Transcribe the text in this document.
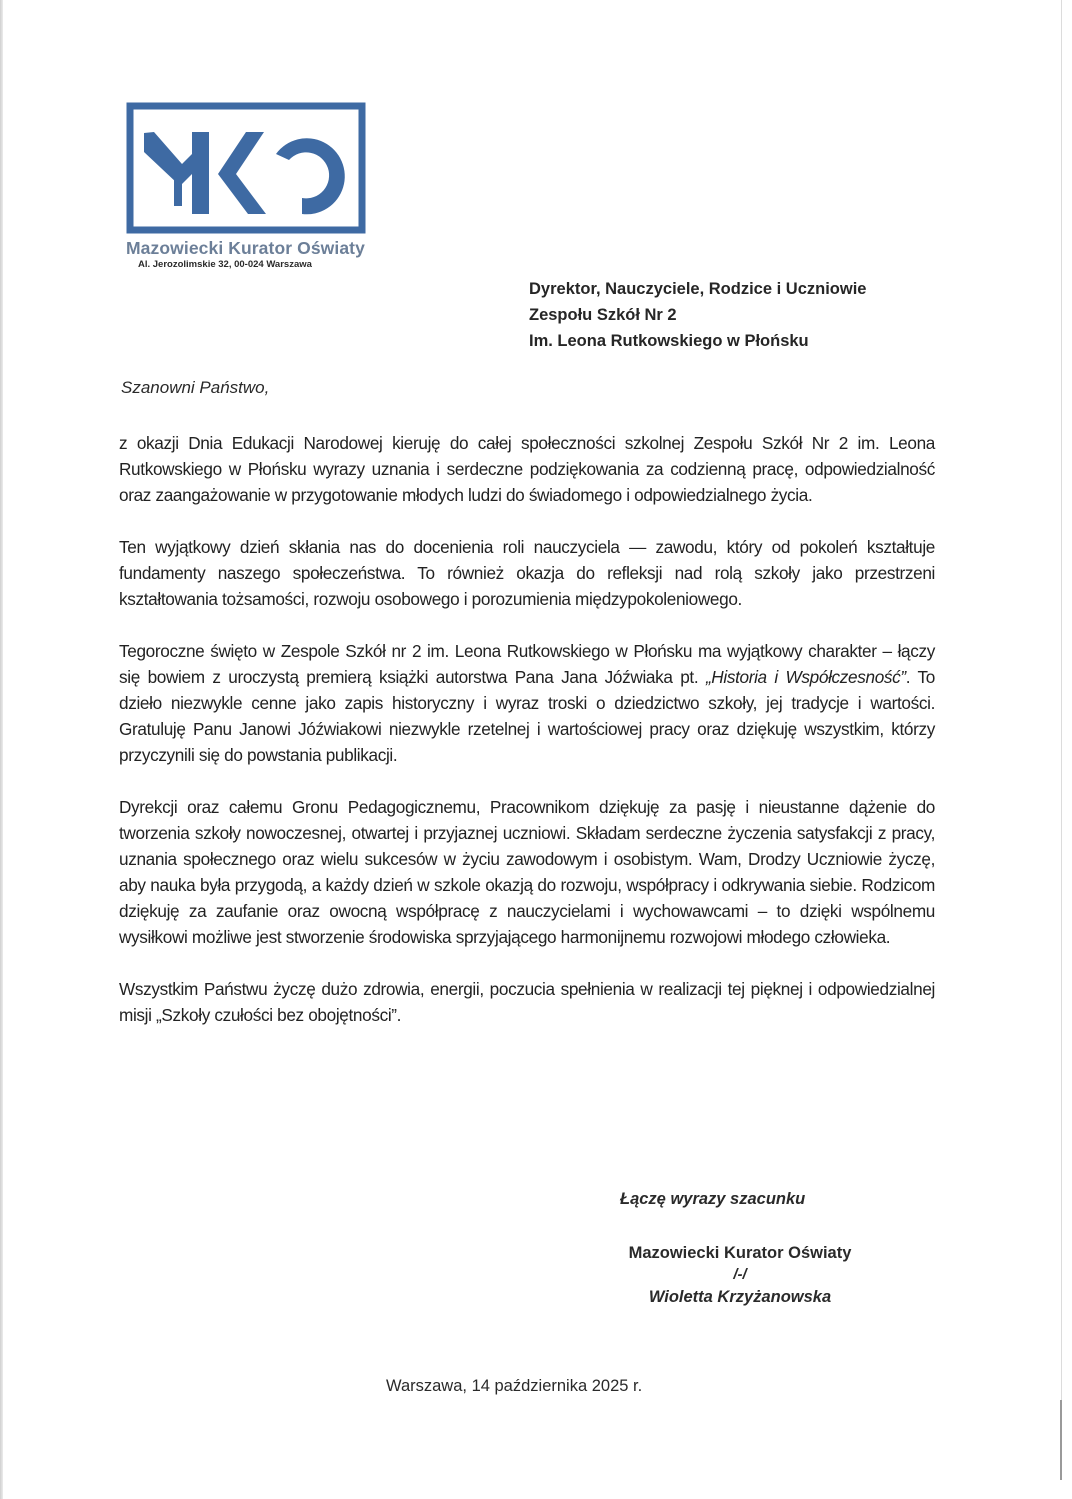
Mazowiecki Kurator Oświaty
Al. Jerozolimskie 32, 00-024 Warszawa
Dyrektor, Nauczyciele, Rodzice i Uczniowie
Zespołu Szkół Nr 2
Im. Leona Rutkowskiego w Płońsku
Szanowni Państwo,

z okazji Dnia Edukacji Narodowej kieruję do całej społeczności szkolnej Zespołu Szkół Nr 2 im. Leona Rutkowskiego w Płońsku wyrazy uznania i serdeczne podziękowania za codzienną pracę, odpowiedzialność oraz zaangażowanie w przygotowanie młodych ludzi do świadomego i odpowiedzialnego życia.

Ten wyjątkowy dzień skłania nas do docenienia roli nauczyciela — zawodu, który od pokoleń kształtuje fundamenty naszego społeczeństwa. To również okazja do refleksji nad rolą szkoły jako przestrzeni kształtowania tożsamości, rozwoju osobowego i porozumienia międzypokoleniowego.

Tegoroczne święto w Zespole Szkół nr 2 im. Leona Rutkowskiego w Płońsku ma wyjątkowy charakter – łączy się bowiem z uroczystą premierą książki autorstwa Pana Jana Jóźwiaka pt. „Historia i Współczesność”. To dzieło niezwykle cenne jako zapis historyczny i wyraz troski o dziedzictwo szkoły, jej tradycje i wartości. Gratuluję Panu Janowi Jóźwiakowi niezwykle rzetelnej i wartościowej pracy oraz dziękuję wszystkim, którzy przyczynili się do powstania publikacji.

Dyrekcji oraz całemu Gronu Pedagogicznemu, Pracownikom dziękuję za pasję i nieustanne dążenie do tworzenia szkoły nowoczesnej, otwartej i przyjaznej uczniowi. Składam serdeczne życzenia satysfakcji z pracy, uznania społecznego oraz wielu sukcesów w życiu zawodowym i osobistym. Wam, Drodzy Uczniowie życzę, aby nauka była przygodą, a każdy dzień w szkole okazją do rozwoju, współpracy i odkrywania siebie. Rodzicom dziękuję za zaufanie oraz owocną współpracę z nauczycielami i wychowawcami – to dzięki wspólnemu wysiłkowi możliwe jest stworzenie środowiska sprzyjającego harmonijnemu rozwojowi młodego człowieka.

Wszystkim Państwu życzę dużo zdrowia, energii, poczucia spełnienia w realizacji tej pięknej i odpowiedzialnej misji „Szkoły czułości bez obojętności”.

Łączę wyrazy szacunku
Mazowiecki Kurator Oświaty
/-/
Wioletta Krzyżanowska
Warszawa, 14 października 2025 r.
